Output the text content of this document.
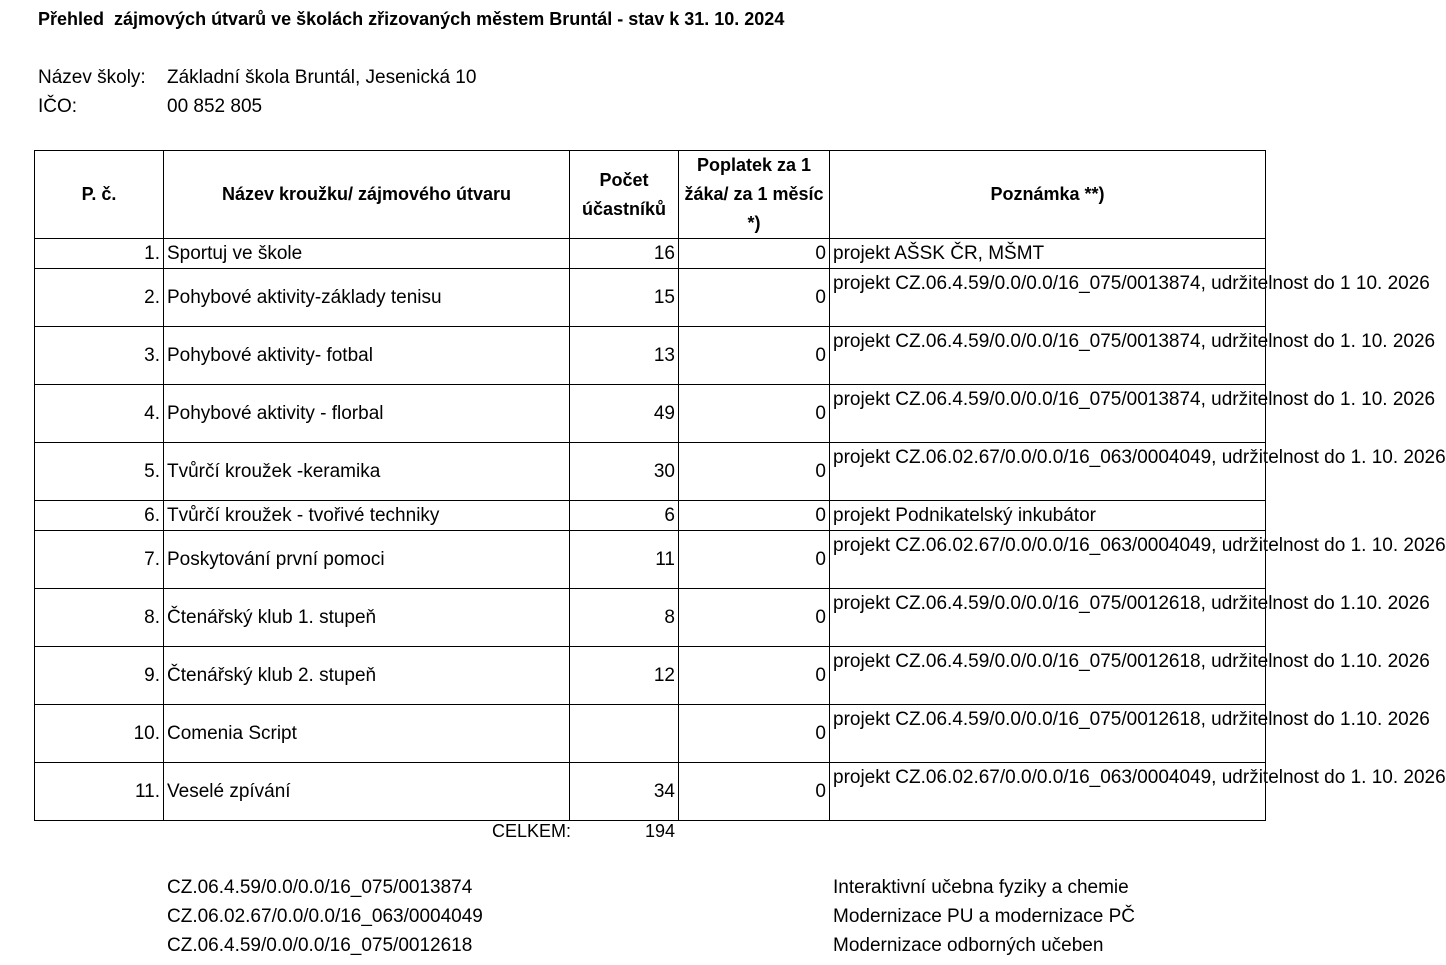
Přehled  zájmových útvarů ve školách zřizovaných městem Bruntál - stav k 31. 10. 2024
Název školy: Základní škola Bruntál, Jesenická 10
IČO:	00 852 805
P. č.	Název kroužku/ zájmového útvaru	Počet účastníků	Poplatek za 1 žáka/ za 1 měsíc *)	Poznámka **)
1.	Sportuj ve škole	16	0	projekt AŠSK ČR, MŠMT
2.	Pohybové aktivity-základy tenisu	15	0	projekt CZ.06.4.59/0.0/0.0/16_075/0013874, udržitelnost do 1 10. 2026
3.	Pohybové aktivity- fotbal	13	0	projekt CZ.06.4.59/0.0/0.0/16_075/0013874, udržitelnost do 1. 10. 2026
4.	Pohybové aktivity - florbal	49	0	projekt CZ.06.4.59/0.0/0.0/16_075/0013874, udržitelnost do 1. 10. 2026
5.	Tvůrčí kroužek -keramika	30	0	projekt CZ.06.02.67/0.0/0.0/16_063/0004049, udržitelnost do 1. 10. 2026
6.	Tvůrčí kroužek - tvořivé techniky	6	0	projekt Podnikatelský inkubátor
7.	Poskytování první pomoci	11	0	projekt CZ.06.02.67/0.0/0.0/16_063/0004049, udržitelnost do 1. 10. 2026
8.	Čtenářský klub 1. stupeň	8	0	projekt CZ.06.4.59/0.0/0.0/16_075/0012618, udržitelnost do 1.10. 2026
9.	Čtenářský klub 2. stupeň	12	0	projekt CZ.06.4.59/0.0/0.0/16_075/0012618, udržitelnost do 1.10. 2026
10.	Comenia Script		0	projekt CZ.06.4.59/0.0/0.0/16_075/0012618, udržitelnost do 1.10. 2026
11.	Veselé zpívání	34	0	projekt CZ.06.02.67/0.0/0.0/16_063/0004049, udržitelnost do 1. 10. 2026
CELKEM:	194
CZ.06.4.59/0.0/0.0/16_075/0013874	Interaktivní učebna fyziky a chemie
CZ.06.02.67/0.0/0.0/16_063/0004049	Modernizace PU a modernizace PČ
CZ.06.4.59/0.0/0.0/16_075/0012618	Modernizace odborných učeben
